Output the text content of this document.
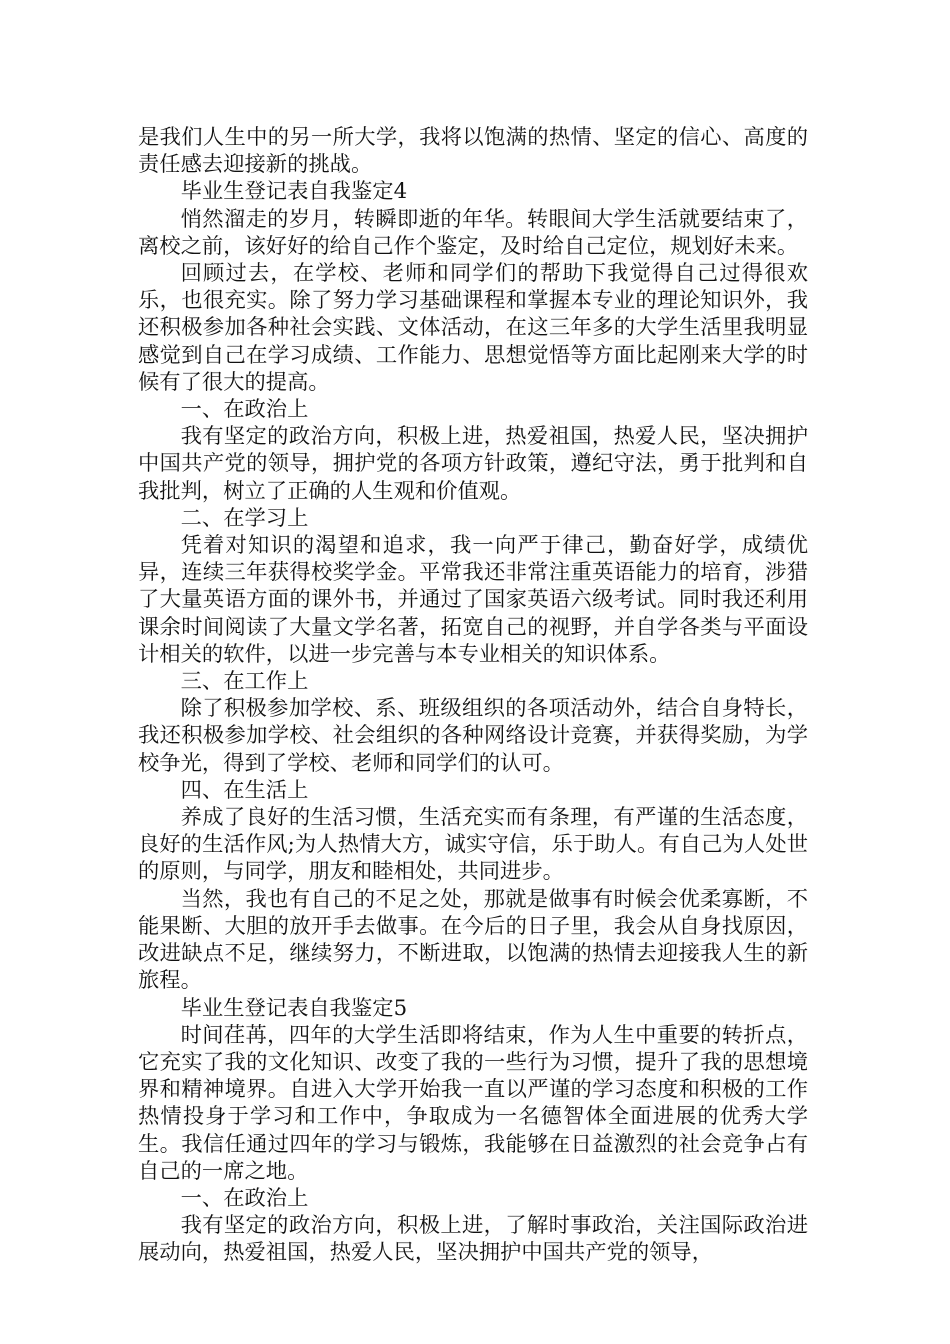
是我们人生中的另一所大学，我将以饱满的热情、坚定的信心、高度的责任感去迎接新的挑战。

毕业生登记表自我鉴定4

悄然溜走的岁月，转瞬即逝的年华。转眼间大学生活就要结束了，离校之前，该好好的给自己作个鉴定，及时给自己定位，规划好未来。

回顾过去，在学校、老师和同学们的帮助下我觉得自己过得很欢乐，也很充实。除了努力学习基础课程和掌握本专业的理论知识外，我还积极参加各种社会实践、文体活动，在这三年多的大学生活里我明显感觉到自己在学习成绩、工作能力、思想觉悟等方面比起刚来大学的时候有了很大的提高。

一、在政治上

我有坚定的政治方向，积极上进，热爱祖国，热爱人民，坚决拥护中国共产党的领导，拥护党的各项方针政策，遵纪守法，勇于批判和自我批判，树立了正确的人生观和价值观。

二、在学习上

凭着对知识的渴望和追求，我一向严于律己，勤奋好学，成绩优异，连续三年获得校奖学金。平常我还非常注重英语能力的培育，涉猎了大量英语方面的课外书，并通过了国家英语六级考试。同时我还利用课余时间阅读了大量文学名著，拓宽自己的视野，并自学各类与平面设计相关的软件，以进一步完善与本专业相关的知识体系。

三、在工作上

除了积极参加学校、系、班级组织的各项活动外，结合自身特长，我还积极参加学校、社会组织的各种网络设计竞赛，并获得奖励，为学校争光，得到了学校、老师和同学们的认可。

四、在生活上

养成了良好的生活习惯，生活充实而有条理，有严谨的生活态度，良好的生活作风;为人热情大方，诚实守信，乐于助人。有自己为人处世的原则，与同学，朋友和睦相处，共同进步。

当然，我也有自己的不足之处，那就是做事有时候会优柔寡断，不能果断、大胆的放开手去做事。在今后的日子里，我会从自身找原因，改进缺点不足，继续努力，不断进取，以饱满的热情去迎接我人生的新旅程。

毕业生登记表自我鉴定5

时间荏苒，四年的大学生活即将结束，作为人生中重要的转折点，它充实了我的文化知识、改变了我的一些行为习惯，提升了我的思想境界和精神境界。自进入大学开始我一直以严谨的学习态度和积极的工作热情投身于学习和工作中，争取成为一名德智体全面进展的优秀大学生。我信任通过四年的学习与锻炼，我能够在日益激烈的社会竞争占有自己的一席之地。

一、在政治上

我有坚定的政治方向，积极上进，了解时事政治，关注国际政治进展动向，热爱祖国，热爱人民，坚决拥护中国共产党的领导，
